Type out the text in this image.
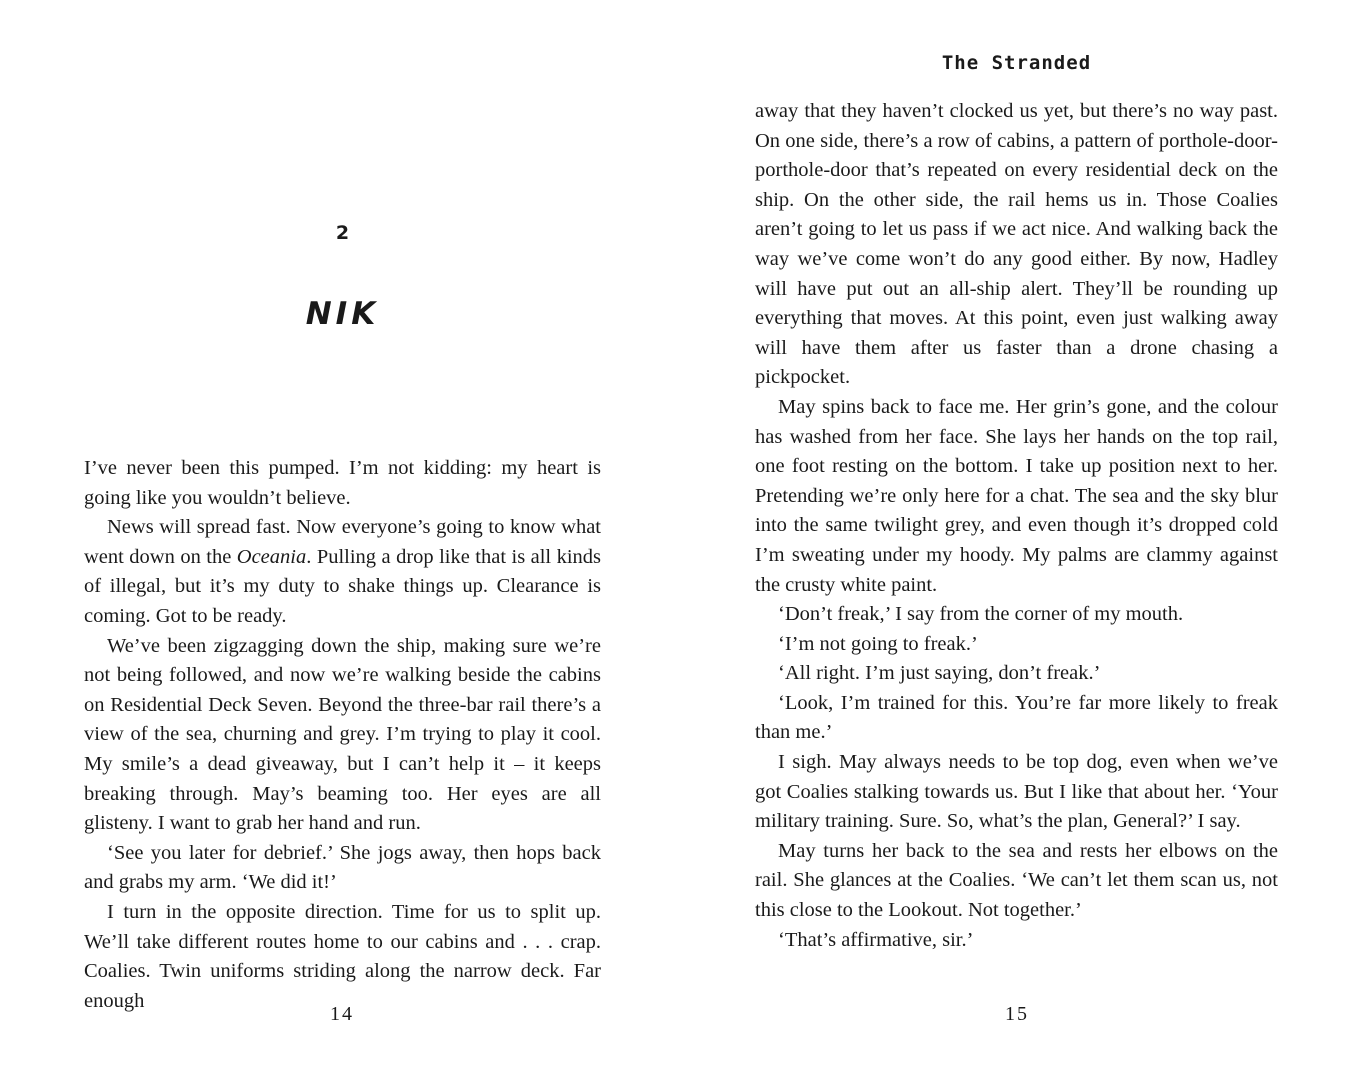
2
NIK

I’ve never been this pumped. I’m not kidding: my heart is going like you wouldn’t believe.

News will spread fast. Now everyone’s going to know what went down on the Oceania. Pulling a drop like that is all kinds of illegal, but it’s my duty to shake things up. Clearance is coming. Got to be ready.

We’ve been zigzagging down the ship, making sure we’re not being followed, and now we’re walking beside the cabins on Residential Deck Seven. Beyond the three-bar rail there’s a view of the sea, churning and grey. I’m trying to play it cool. My smile’s a dead giveaway, but I can’t help it – it keeps breaking through. May’s beaming too. Her eyes are all glisteny. I want to grab her hand and run.

‘See you later for debrief.’ She jogs away, then hops back and grabs my arm. ‘We did it!’

I turn in the opposite direction. Time for us to split up. We’ll take different routes home to our cabins and . . . crap. Coalies. Twin uniforms striding along the narrow deck. Far enough

14
The Stranded

away that they haven’t clocked us yet, but there’s no way past. On one side, there’s a row of cabins, a pattern of porthole-door-porthole-door that’s repeated on every residential deck on the ship. On the other side, the rail hems us in. Those Coalies aren’t going to let us pass if we act nice. And walking back the way we’ve come won’t do any good either. By now, Hadley will have put out an all-ship alert. They’ll be rounding up everything that moves. At this point, even just walking away will have them after us faster than a drone chasing a pickpocket.

May spins back to face me. Her grin’s gone, and the colour has washed from her face. She lays her hands on the top rail, one foot resting on the bottom. I take up position next to her. Pretending we’re only here for a chat. The sea and the sky blur into the same twilight grey, and even though it’s dropped cold I’m sweating under my hoody. My palms are clammy against the crusty white paint.

‘Don’t freak,’ I say from the corner of my mouth.

‘I’m not going to freak.’

‘All right. I’m just saying, don’t freak.’

‘Look, I’m trained for this. You’re far more likely to freak than me.’

I sigh. May always needs to be top dog, even when we’ve got Coalies stalking towards us. But I like that about her. ‘Your military training. Sure. So, what’s the plan, General?’ I say.

May turns her back to the sea and rests her elbows on the rail. She glances at the Coalies. ‘We can’t let them scan us, not this close to the Lookout. Not together.’

‘That’s affirmative, sir.’

15
